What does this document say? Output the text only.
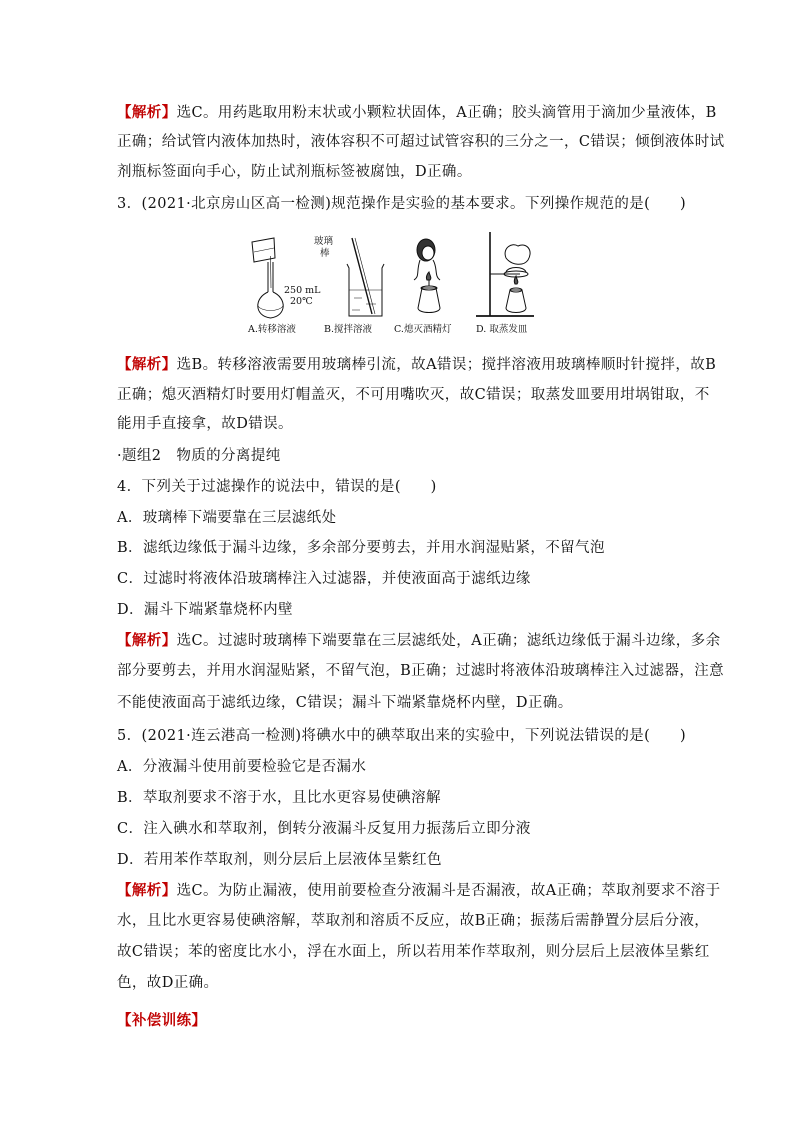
【解析】选C。用药匙取用粉末状或小颗粒状固体，A正确；胶头滴管用于滴加少量液体，B
正确；给试管内液体加热时，液体容积不可超过试管容积的三分之一，C错误；倾倒液体时试
剂瓶标签面向手心，防止试剂瓶标签被腐蚀，D正确。
3．(2021·北京房山区高一检测)规范操作是实验的基本要求。下列操作规范的是(　　)
250 mL
20℃
玻璃
棒
A.转移溶液	B.搅拌溶液 C.熄灭酒精灯	D. 取蒸发皿
【解析】选B。转移溶液需要用玻璃棒引流，故A错误；搅拌溶液用玻璃棒顺时针搅拌，故B
正确；熄灭酒精灯时要用灯帽盖灭，不可用嘴吹灭，故C错误；取蒸发皿要用坩埚钳取，不
能用手直接拿，故D错误。
·题组2　物质的分离提纯
4．下列关于过滤操作的说法中，错误的是(　　)
A．玻璃棒下端要靠在三层滤纸处
B．滤纸边缘低于漏斗边缘，多余部分要剪去，并用水润湿贴紧，不留气泡
C．过滤时将液体沿玻璃棒注入过滤器，并使液面高于滤纸边缘
D．漏斗下端紧靠烧杯内壁
【解析】选C。过滤时玻璃棒下端要靠在三层滤纸处，A正确；滤纸边缘低于漏斗边缘，多余
部分要剪去，并用水润湿贴紧，不留气泡，B正确；过滤时将液体沿玻璃棒注入过滤器，注意
不能使液面高于滤纸边缘，C错误；漏斗下端紧靠烧杯内壁，D正确。
5．(2021·连云港高一检测)将碘水中的碘萃取出来的实验中，下列说法错误的是(　　)
A．分液漏斗使用前要检验它是否漏水
B．萃取剂要求不溶于水，且比水更容易使碘溶解
C．注入碘水和萃取剂，倒转分液漏斗反复用力振荡后立即分液
D．若用苯作萃取剂，则分层后上层液体呈紫红色
【解析】选C。为防止漏液，使用前要检查分液漏斗是否漏液，故A正确；萃取剂要求不溶于
水，且比水更容易使碘溶解，萃取剂和溶质不反应，故B正确；振荡后需静置分层后分液，
故C错误；苯的密度比水小，浮在水面上，所以若用苯作萃取剂，则分层后上层液体呈紫红
色，故D正确。
【补偿训练】
